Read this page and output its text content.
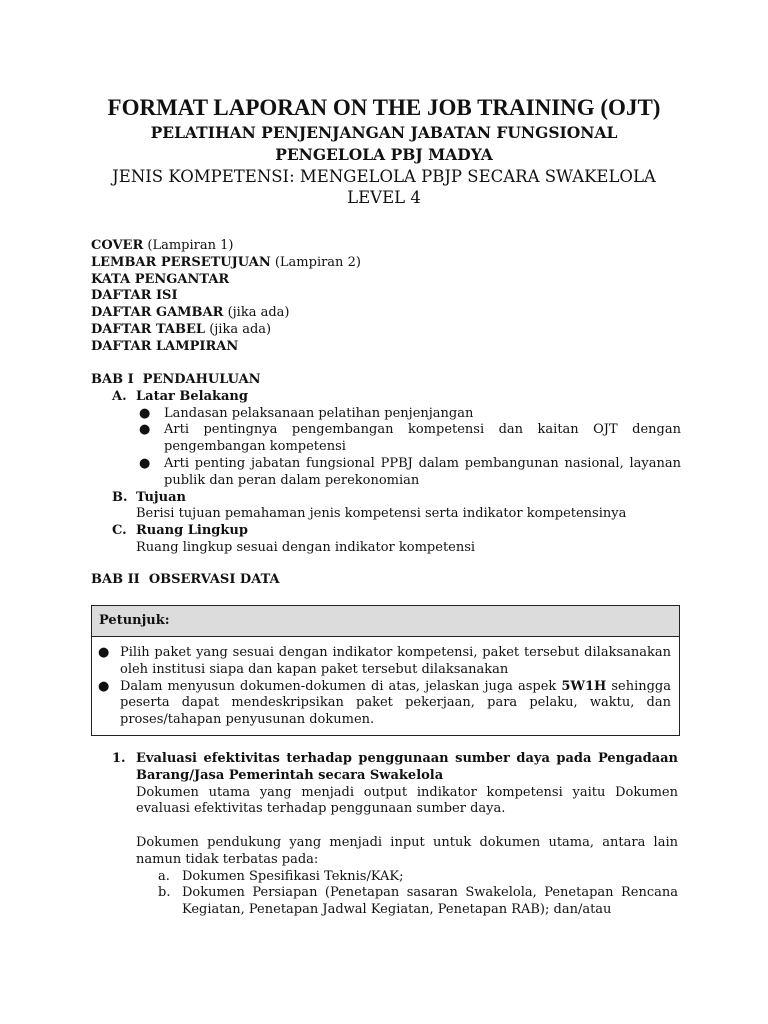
FORMAT LAPORAN ON THE JOB TRAINING (OJT)

PELATIHAN PENJENJANGAN JABATAN FUNGSIONAL

PENGELOLA PBJ MADYA

JENIS KOMPETENSI: MENGELOLA PBJP SECARA SWAKELOLA

LEVEL 4

COVER (Lampiran 1)
LEMBAR PERSETUJUAN (Lampiran 2)
KATA PENGANTAR
DAFTAR ISI
DAFTAR GAMBAR (jika ada)
DAFTAR TABEL (jika ada)
DAFTAR LAMPIRAN
BAB I PENDAHULUAN
A. Latar Belakang
● Landasan pelaksanaan pelatihan penjenjangan
● Arti pentingnya pengembangan kompetensi dan kaitan OJT dengan pengembangan kompetensi
● Arti penting jabatan fungsional PPBJ dalam pembangunan nasional, layanan publik dan peran dalam perekonomian
B. Tujuan
Berisi tujuan pemahaman jenis kompetensi serta indikator kompetensinya
C. Ruang Lingkup
Ruang lingkup sesuai dengan indikator kompetensi
BAB II OBSERVASI DATA
Petunjuk:
● Pilih paket yang sesuai dengan indikator kompetensi, paket tersebut dilaksanakan oleh institusi siapa dan kapan paket tersebut dilaksanakan
● Dalam menyusun dokumen-dokumen di atas, jelaskan juga aspek 5W1H sehingga peserta dapat mendeskripsikan paket pekerjaan, para pelaku, waktu, dan proses/tahapan penyusunan dokumen.
1. Evaluasi efektivitas terhadap penggunaan sumber daya pada Pengadaan Barang/Jasa Pemerintah secara Swakelola

Dokumen utama yang menjadi output indikator kompetensi yaitu Dokumen evaluasi efektivitas terhadap penggunaan sumber daya.

Dokumen pendukung yang menjadi input untuk dokumen utama, antara lain namun tidak terbatas pada:

a. Dokumen Spesifikasi Teknis/KAK;
b. Dokumen Persiapan (Penetapan sasaran Swakelola, Penetapan Rencana Kegiatan, Penetapan Jadwal Kegiatan, Penetapan RAB); dan/atau
